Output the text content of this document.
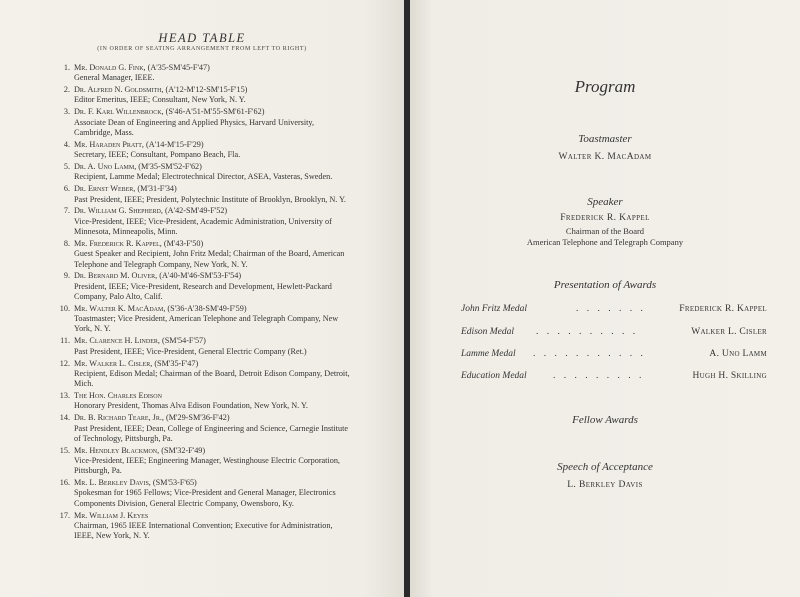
HEAD TABLE
(IN ORDER OF SEATING ARRANGEMENT FROM LEFT TO RIGHT)
1. Mr. Donald G. Fink, (A'35-SM'45-F'47)
General Manager, IEEE.
2. Dr. Alfred N. Goldsmith, (A'12-M'12-SM'15-F'15)
Editor Emeritus, IEEE; Consultant, New York, N. Y.
3. Dr. F. Karl Willenbrock, (S'46-A'51-M'55-SM'61-F'62)
Associate Dean of Engineering and Applied Physics, Harvard University, Cambridge, Mass.
4. Mr. Haraden Pratt, (A'14-M'15-F'29)
Secretary, IEEE; Consultant, Pompano Beach, Fla.
5. Dr. A. Uno Lamm, (M'35-SM'52-F'62)
Recipient, Lamme Medal; Electrotechnical Director, ASEA, Vasteras, Sweden.
6. Dr. Ernst Weber, (M'31-F'34)
Past President, IEEE; President, Polytechnic Institute of Brooklyn, Brooklyn, N. Y.
7. Dr. William G. Shepherd, (A'42-SM'49-F'52)
Vice-President, IEEE; Vice-President, Academic Administration, University of Minnesota, Minneapolis, Minn.
8. Mr. Frederick R. Kappel, (M'43-F'50)
Guest Speaker and Recipient, John Fritz Medal; Chairman of the Board, American Telephone and Telegraph Company, New York, N. Y.
9. Dr. Bernard M. Oliver, (A'40-M'46-SM'53-F'54)
President, IEEE; Vice-President, Research and Development, Hewlett-Packard Company, Palo Alto, Calif.
10. Mr. Walter K. MacAdam, (S'36-A'38-SM'49-F'59)
Toastmaster; Vice President, American Telephone and Telegraph Company, New York, N. Y.
11. Mr. Clarence H. Linder, (SM'54-F'57)
Past President, IEEE; Vice-President, General Electric Company (Ret.)
12. Mr. Walker L. Cisler, (SM'35-F'47)
Recipient, Edison Medal; Chairman of the Board, Detroit Edison Company, Detroit, Mich.
13. The Hon. Charles Edison
Honorary President, Thomas Alva Edison Foundation, New York, N. Y.
14. Dr. B. Richard Teare, Jr., (M'29-SM'36-F'42)
Past President, IEEE; Dean, College of Engineering and Science, Carnegie Institute of Technology, Pittsburgh, Pa.
15. Mr. Hendley Blackmon, (SM'32-F'49)
Vice-President, IEEE; Engineering Manager, Westinghouse Electric Corporation, Pittsburgh, Pa.
16. Mr. L. Berkley Davis, (SM'53-F'65)
Spokesman for 1965 Fellows; Vice-President and General Manager, Electronics Components Division, General Electric Company, Owensboro, Ky.
17. Mr. William J. Keyes
Chairman, 1965 IEEE International Convention; Executive for Administration, IEEE, New York, N. Y.
Program
Toastmaster
Walter K. MacAdam
Speaker
Frederick R. Kappel
Chairman of the Board
American Telephone and Telegraph Company
Presentation of Awards
John Fritz Medal	. . . . . . .	Frederick R. Kappel
Edison Medal . . . . . . . . . .	Walker L. Cisler
Lamme Medal . . . . . . . . . . .	A. Uno Lamm
Education Medal	. . . . . . . . .	Hugh H. Skilling
Fellow Awards
Speech of Acceptance
L. Berkley Davis
